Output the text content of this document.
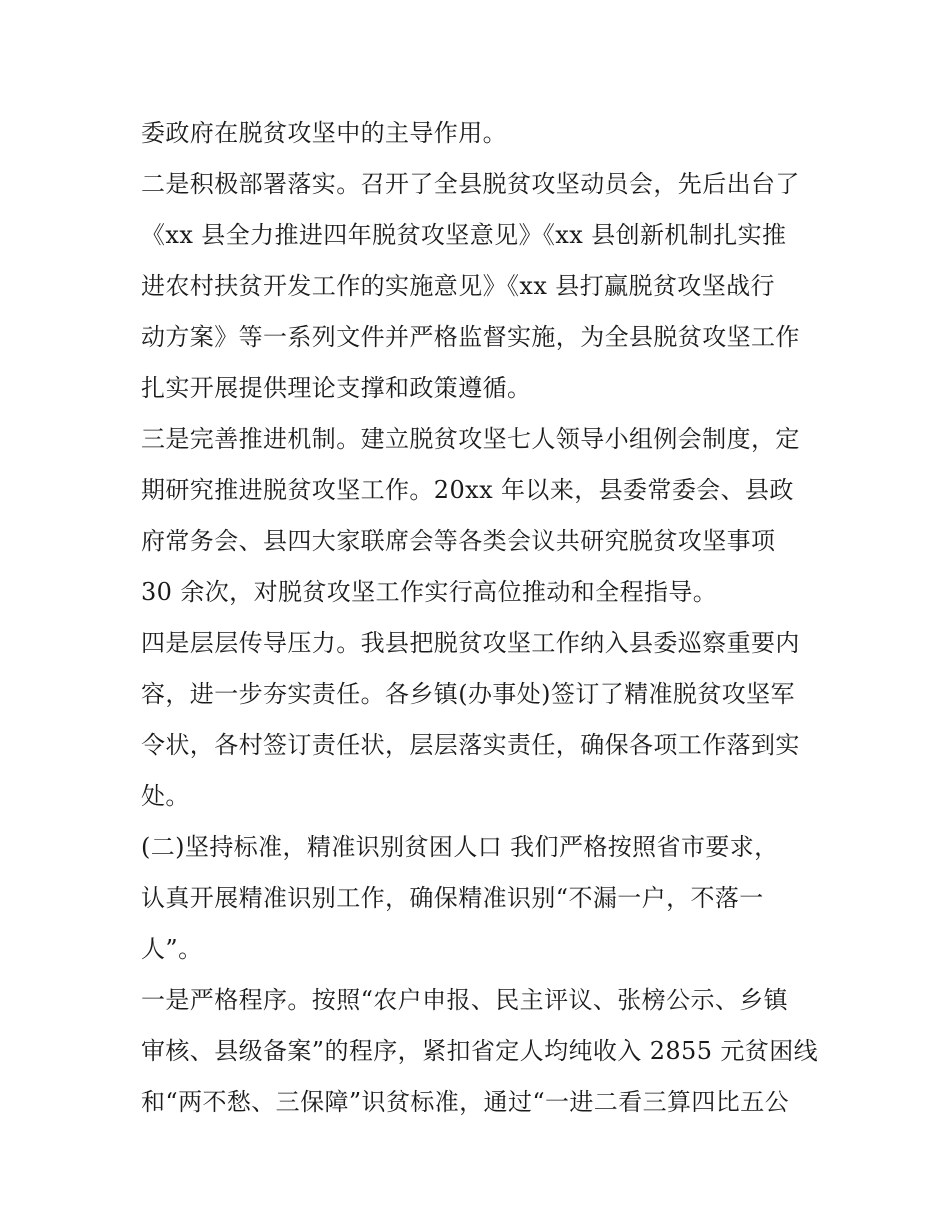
委政府在脱贫攻坚中的主导作用。
二是积极部署落实。召开了全县脱贫攻坚动员会，先后出台了
《xx 县全力推进四年脱贫攻坚意见》《xx 县创新机制扎实推
进农村扶贫开发工作的实施意见》《xx 县打赢脱贫攻坚战行
动方案》等一系列文件并严格监督实施，为全县脱贫攻坚工作
扎实开展提供理论支撑和政策遵循。
三是完善推进机制。建立脱贫攻坚七人领导小组例会制度，定
期研究推进脱贫攻坚工作。20xx 年以来，县委常委会、县政
府常务会、县四大家联席会等各类会议共研究脱贫攻坚事项
30 余次，对脱贫攻坚工作实行高位推动和全程指导。
四是层层传导压力。我县把脱贫攻坚工作纳入县委巡察重要内
容，进一步夯实责任。各乡镇(办事处)签订了精准脱贫攻坚军
令状，各村签订责任状，层层落实责任，确保各项工作落到实
处。
(二)坚持标准，精准识别贫困人口 我们严格按照省市要求，
认真开展精准识别工作，确保精准识别“不漏一户，不落一
人”。
一是严格程序。按照“农户申报、民主评议、张榜公示、乡镇
审核、县级备案”的程序，紧扣省定人均纯收入 2855 元贫困线
和“两不愁、三保障”识贫标准，通过“一进二看三算四比五公
